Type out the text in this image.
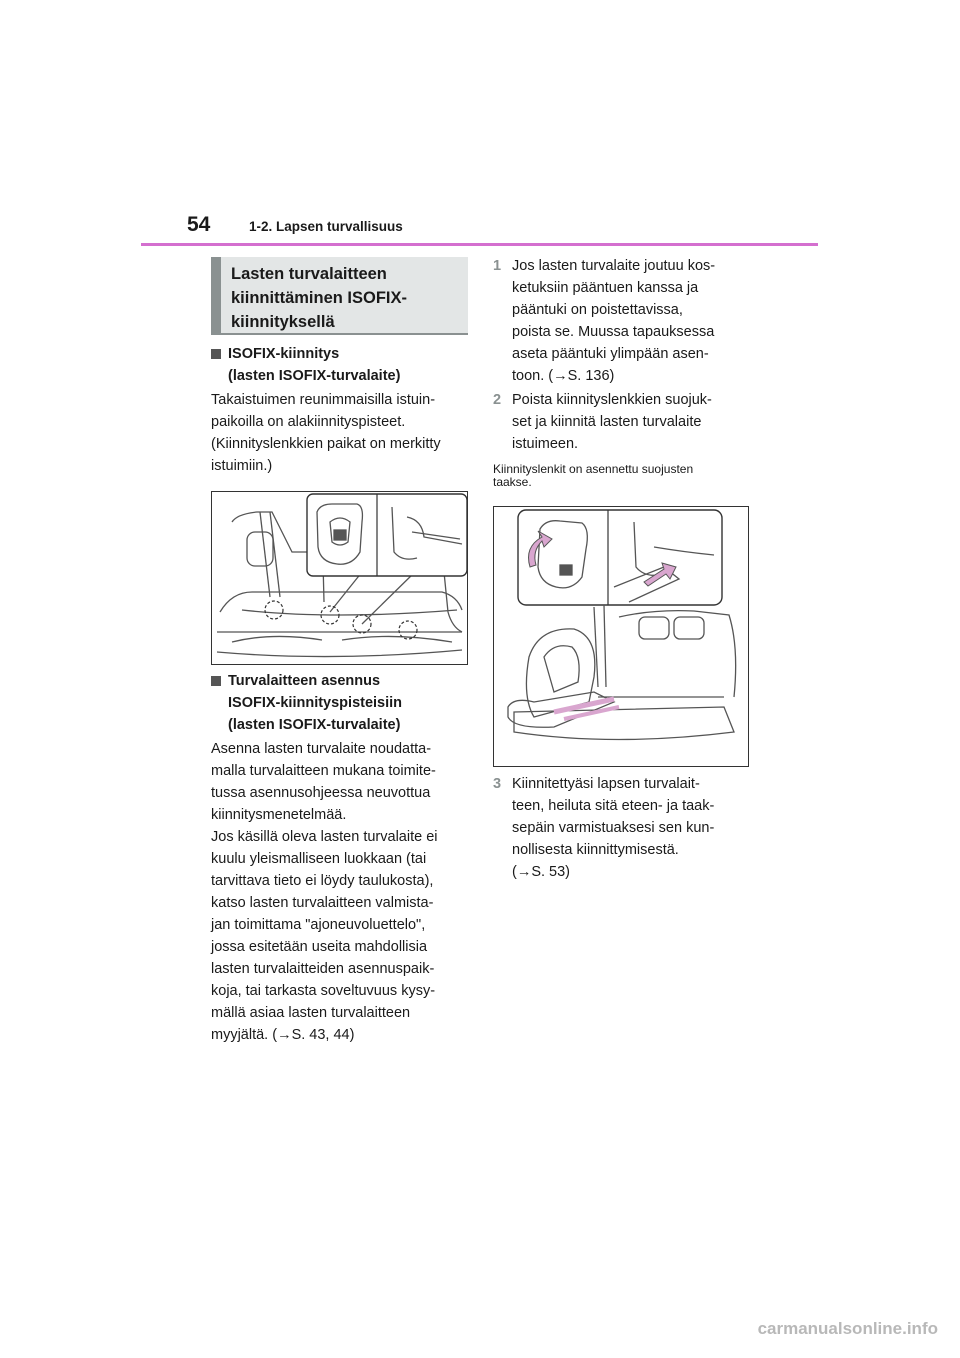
54	1-2. Lapsen turvallisuus
Lasten turvalaitteen
kiinnittäminen ISOFIX-
kiinnityksellä
ISOFIX-kiinnitys
(lasten ISOFIX-turvalaite)
Takaistuimen reunimmaisilla istuin-
paikoilla on alakiinnityspisteet.
(Kiinnityslenkkien paikat on merkitty
istuimiin.)
Turvalaitteen asennus
ISOFIX-kiinnityspisteisiin
(lasten ISOFIX-turvalaite)
Asenna lasten turvalaite noudatta-
malla turvalaitteen mukana toimite-
tussa asennusohjeessa neuvottua
kiinnitysmenetelmää.
Jos käsillä oleva lasten turvalaite ei
kuulu yleismalliseen luokkaan (tai
tarvittava tieto ei löydy taulukosta),
katso lasten turvalaitteen valmista-
jan toimittama "ajoneuvoluettelo",
jossa esitetään useita mahdollisia
lasten turvalaitteiden asennuspaik-
koja, tai tarkasta soveltuvuus kysy-
mällä asiaa lasten turvalaitteen
myyjältä. (→S. 43, 44)
1 Jos lasten turvalaite joutuu kos-
ketuksiin pääntuen kanssa ja
pääntuki on poistettavissa,
poista se. Muussa tapauksessa
aseta pääntuki ylimpään asen-
toon. (→S. 136)
2 Poista kiinnityslenkkien suojuk-
set ja kiinnitä lasten turvalaite
istuimeen.
Kiinnityslenkit on asennettu suojusten
taakse.
3 Kiinnitettyäsi lapsen turvalait-
teen, heiluta sitä eteen- ja taak-
sepäin varmistuaksesi sen kun-
nollisesta kiinnittymisestä.
(→S. 53)
carmanualsonline.info
